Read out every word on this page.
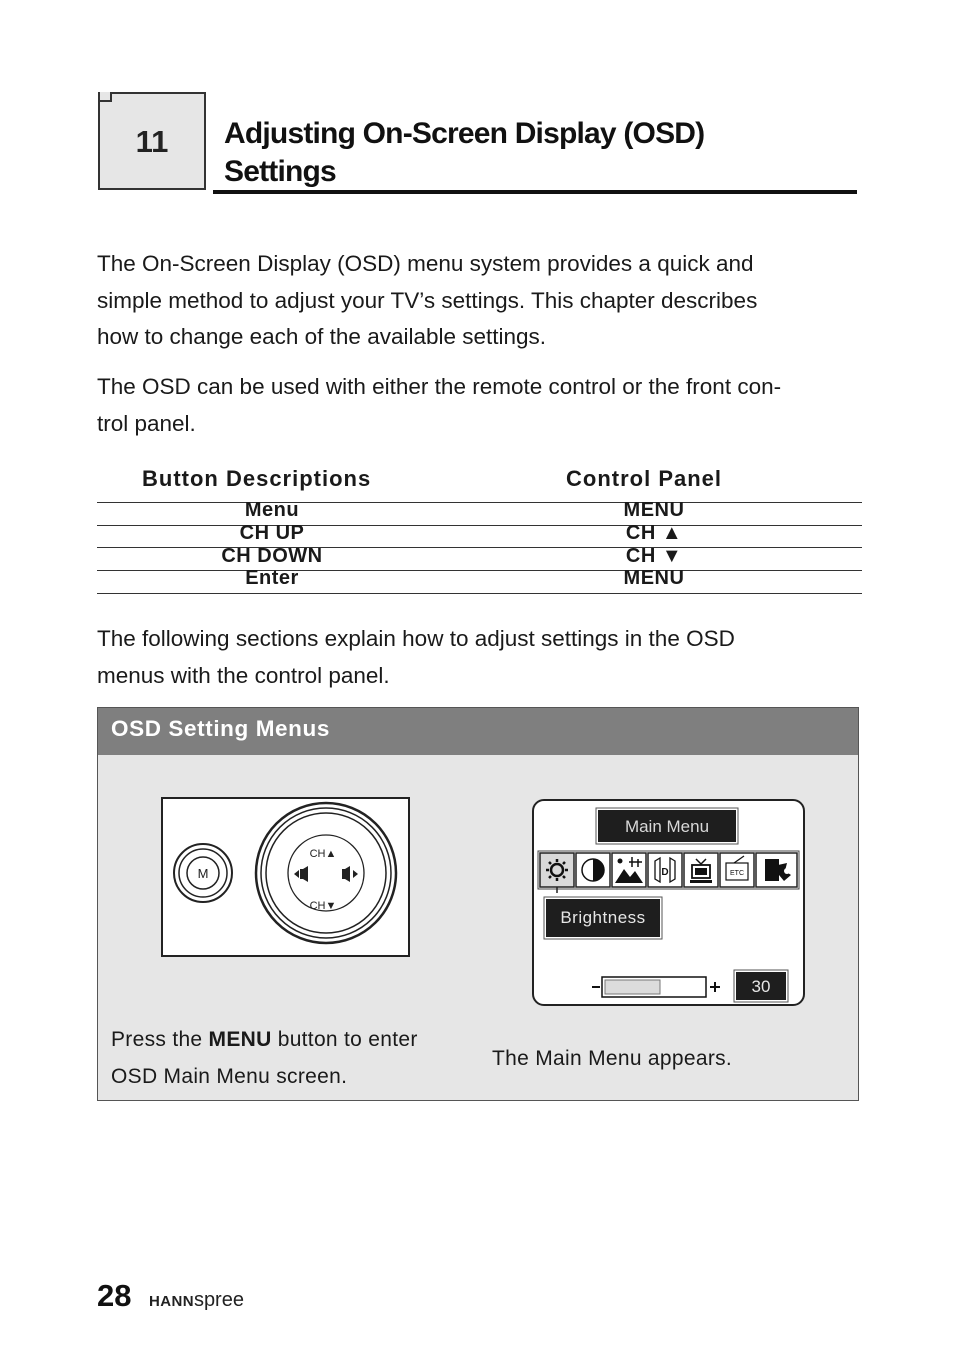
11	Adjusting On-Screen Display (OSD)
Settings
The On-Screen Display (OSD) menu system provides a quick and
simple method to adjust your TV’s settings. This chapter describes
how to change each of the available settings.
The OSD can be used with either the remote control or the front con-
trol panel.
Button Descriptions	Control Panel
Menu	MENU
CH UP	CH ▲
CH DOWN	CH ▼
Enter	MENU
The following sections explain how to adjust settings in the OSD
menus with the control panel.
OSD Setting Menus
M
CH▲
CH▼
Main Menu
D	ETC
Brightness
30
Press the MENU button to enter
OSD Main Menu screen.
The Main Menu appears.
28 HANNspree
